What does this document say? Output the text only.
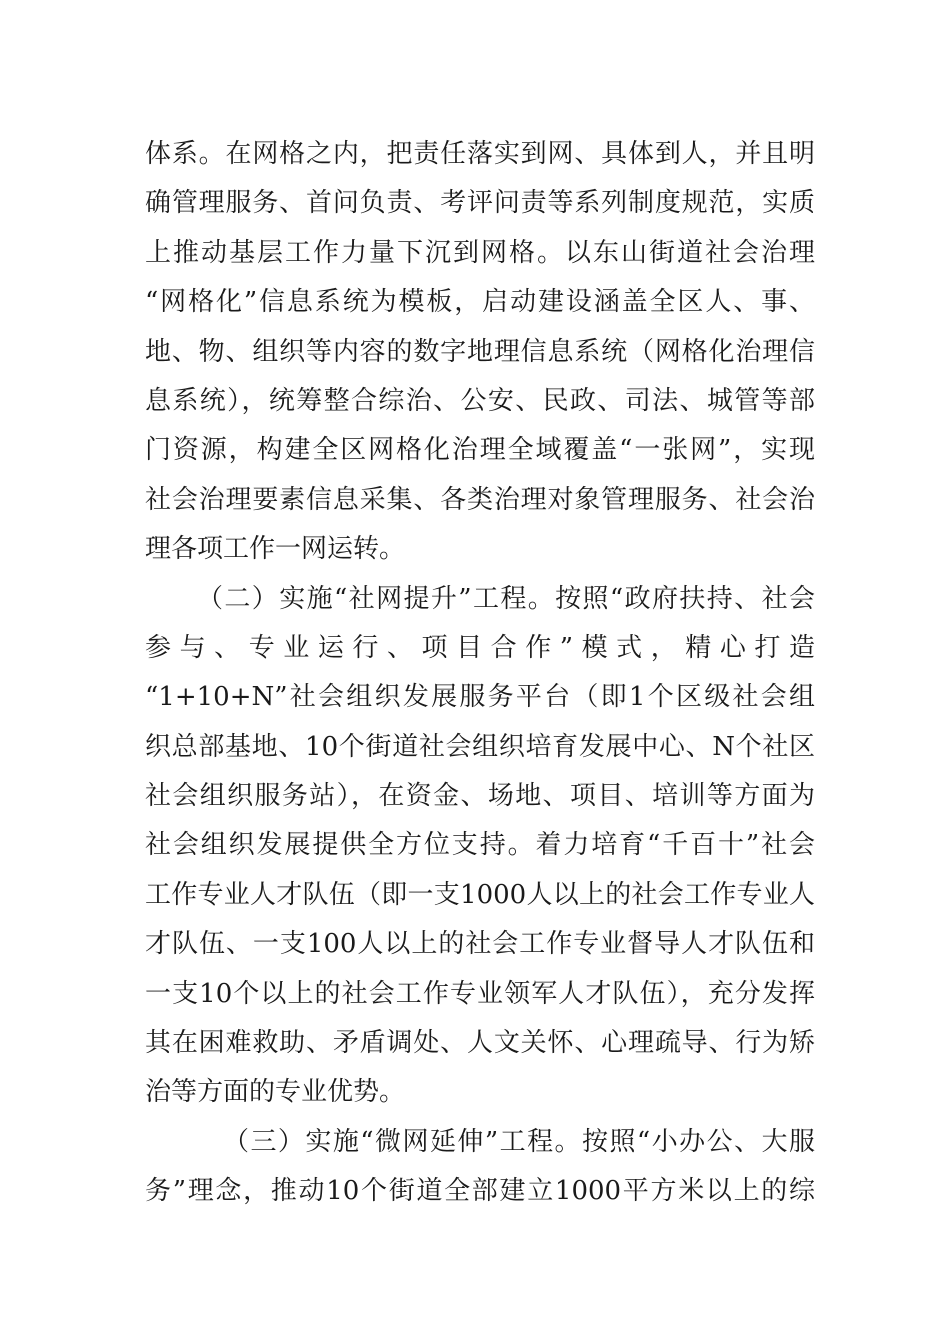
体系。在网格之内，把责任落实到网、具体到人，并且明
确管理服务、首问负责、考评问责等系列制度规范，实质
上推动基层工作力量下沉到网格。以东山街道社会治理
“网格化”信息系统为模板，启动建设涵盖全区人、事、
地、物、组织等内容的数字地理信息系统（网格化治理信
息系统），统筹整合综治、公安、民政、司法、城管等部
门资源，构建全区网格化治理全域覆盖“一张网”，实现
社会治理要素信息采集、各类治理对象管理服务、社会治
理各项工作一网运转。
（二）实施“社网提升”工程。按照“政府扶持、社会
参与、专业运行、项目合作”模式，精心打造
“1+10+N”社会组织发展服务平台（即1个区级社会组
织总部基地、10个街道社会组织培育发展中心、N个社区
社会组织服务站），在资金、场地、项目、培训等方面为
社会组织发展提供全方位支持。着力培育“千百十”社会
工作专业人才队伍（即一支1000人以上的社会工作专业人
才队伍、一支100人以上的社会工作专业督导人才队伍和
一支10个以上的社会工作专业领军人才队伍），充分发挥
其在困难救助、矛盾调处、人文关怀、心理疏导、行为矫
治等方面的专业优势。
（三）实施“微网延伸”工程。按照“小办公、大服
务”理念，推动10个街道全部建立1000平方米以上的综
